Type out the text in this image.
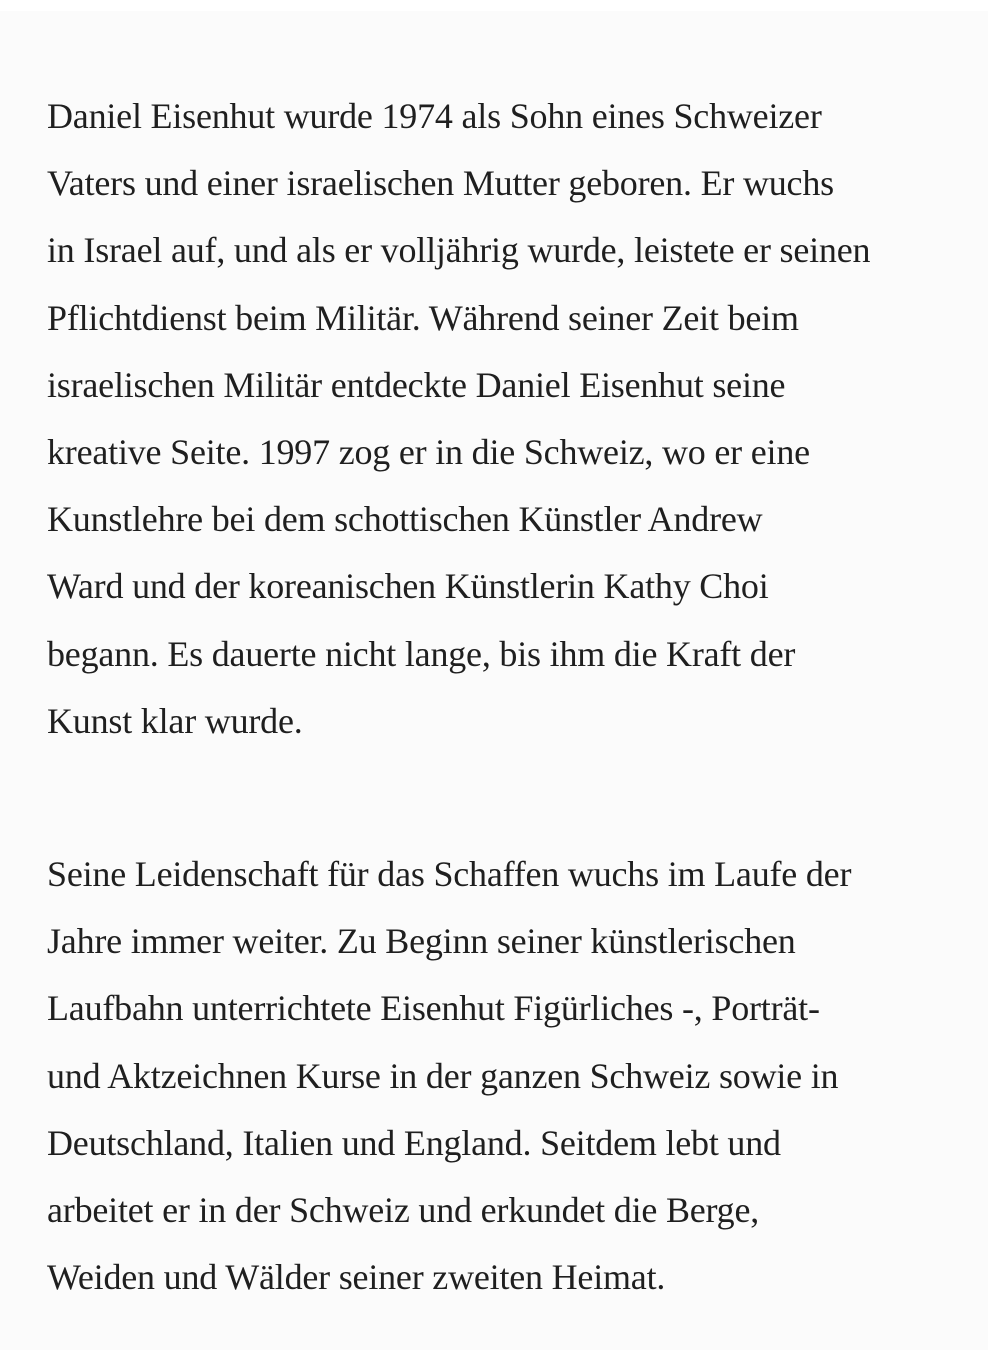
Daniel Eisenhut wurde 1974 als Sohn eines Schweizer
Vaters und einer israelischen Mutter geboren. Er wuchs
in Israel auf, und als er volljährig wurde, leistete er seinen
Pflichtdienst beim Militär. Während seiner Zeit beim
israelischen Militär entdeckte Daniel Eisenhut seine
kreative Seite. 1997 zog er in die Schweiz, wo er eine
Kunstlehre bei dem schottischen Künstler Andrew
Ward und der koreanischen Künstlerin Kathy Choi
begann. Es dauerte nicht lange, bis ihm die Kraft der
Kunst klar wurde.

Seine Leidenschaft für das Schaffen wuchs im Laufe der
Jahre immer weiter. Zu Beginn seiner künstlerischen
Laufbahn unterrichtete Eisenhut Figürliches -, Porträt-
und Aktzeichnen Kurse in der ganzen Schweiz sowie in
Deutschland, Italien und England. Seitdem lebt und
arbeitet er in der Schweiz und erkundet die Berge,
Weiden und Wälder seiner zweiten Heimat.
